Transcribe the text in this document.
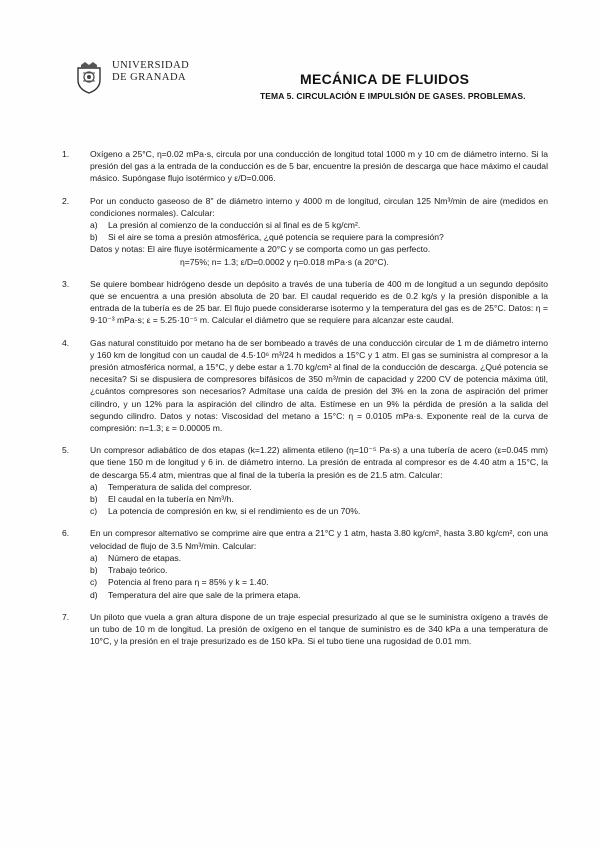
UNIVERSIDAD
DE GRANADA	MECÁNICA DE FLUIDOS
TEMA 5. CIRCULACIÓN E IMPULSIÓN DE GASES. PROBLEMAS.
1. Oxígeno a 25°C, η=0.02 mPa·s, circula por una conducción de longitud total 1000 m y 10 cm de diámetro interno. Si la presión del gas a la entrada de la conducción es de 5 bar, encuentre la presión de descarga que hace máximo el caudal másico. Supóngase flujo isotérmico y ε/D=0.006.

2. Por un conducto gaseoso de 8" de diámetro interno y 4000 m de longitud, circulan 125 Nm³/min de aire (medidos en condiciones normales). Calcular:

a) La presión al comienzo de la conducción si al final es de 5 kg/cm².
b) Si el aire se toma a presión atmosférica, ¿qué potencia se requiere para la compresión?

Datos y notas: El aire fluye isotérmicamente a 20°C y se comporta como un gas perfecto.

η=75%; n= 1.3; ε/D=0.0002 y η=0.018 mPa·s (a 20°C).

3. Se quiere bombear hidrógeno desde un depósito a través de una tubería de 400 m de longitud a un segundo depósito que se encuentra a una presión absoluta de 20 bar. El caudal requerido es de 0.2 kg/s y la presión disponible a la entrada de la tubería es de 25 bar. El flujo puede considerarse isotermo y la temperatura del gas es de 25°C. Datos: η = 9·10⁻³ mPa·s; ε = 5.25·10⁻⁵ m. Calcular el diámetro que se requiere para alcanzar este caudal.

4. Gas natural constituido por metano ha de ser bombeado a través de una conducción circular de 1 m de diámetro interno y 160 km de longitud con un caudal de 4.5·10⁶ m³/24 h medidos a 15°C y 1 atm. El gas se suministra al compresor a la presión atmosférica normal, a 15°C, y debe estar a 1.70 kg/cm² al final de la conducción de descarga. ¿Qué potencia se necesita? Si se dispusiera de compresores bifásicos de 350 m³/min de capacidad y 2200 CV de potencia máxima útil, ¿cuántos compresores son necesarios? Admítase una caída de presión del 3% en la zona de aspiración del primer cilindro, y un 12% para la aspiración del cilindro de alta. Estímese en un 9% la pérdida de presión a la salida del segundo cilindro. Datos y notas: Viscosidad del metano a 15°C: η = 0.0105 mPa·s. Exponente real de la curva de compresión: n=1.3; ε = 0.00005 m.

5. Un compresor adiabático de dos etapas (k=1.22) alimenta etileno (η=10⁻⁵ Pa·s) a una tubería de acero (ε=0.045 mm) que tiene 150 m de longitud y 6 in. de diámetro interno. La presión de entrada al compresor es de 4.40 atm a 15°C, la de descarga 55.4 atm, mientras que al final de la tubería la presión es de 21.5 atm. Calcular:

a) Temperatura de salida del compresor.
b) El caudal en la tubería en Nm³/h.
c) La potencia de compresión en kw, si el rendimiento es de un 70%.
6. En un compresor alternativo se comprime aire que entra a 21°C y 1 atm, hasta 3.80 kg/cm², hasta 3.80 kg/cm², con una velocidad de flujo de 3.5 Nm³/min. Calcular:

a) Número de etapas.
b) Trabajo teórico.
c) Potencia al freno para η = 85% y k = 1.40.
d) Temperatura del aire que sale de la primera etapa.
7. Un piloto que vuela a gran altura dispone de un traje especial presurizado al que se le suministra oxígeno a través de un tubo de 10 m de longitud. La presión de oxígeno en el tanque de suministro es de 340 kPa a una temperatura de 10°C, y la presión en el traje presurizado es de 150 kPa. Si el tubo tiene una rugosidad de 0.01 mm.
